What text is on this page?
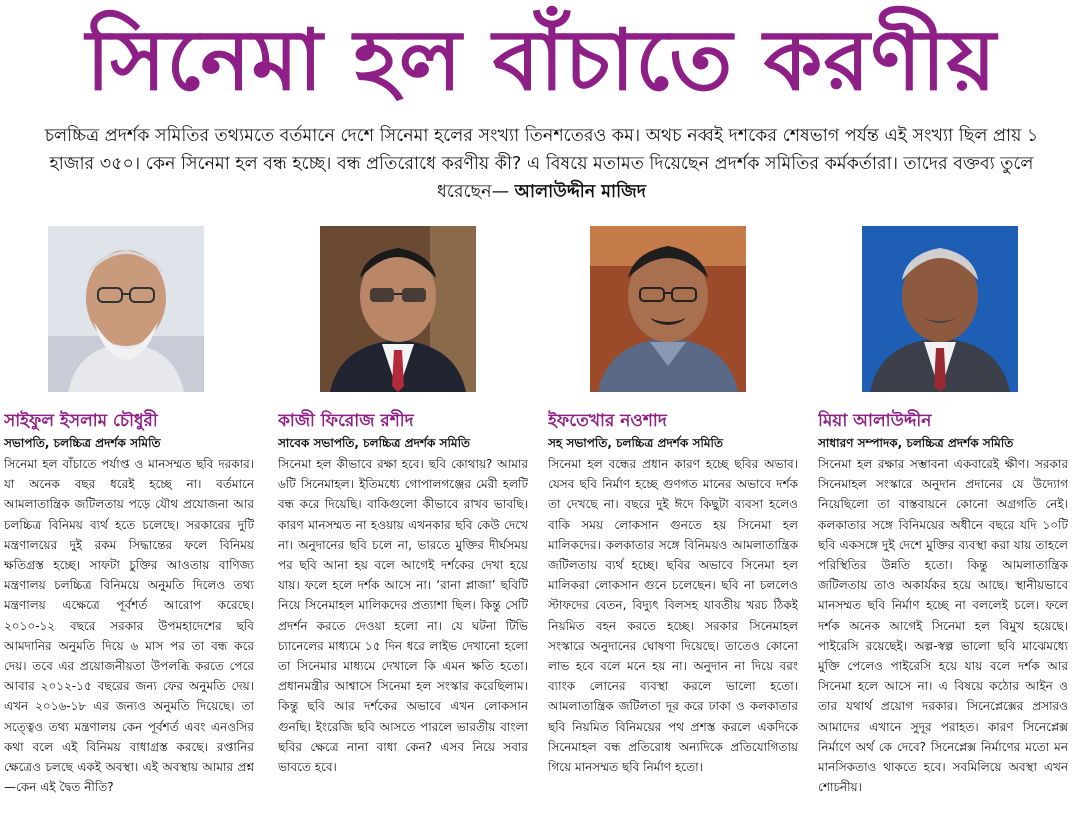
সিনেমা হল বাঁচাতে করণীয়
চলচ্চিত্র প্রদর্শক সমিতির তথ্যমতে বর্তমানে দেশে সিনেমা হলের সংখ্যা তিনশতেরও কম। অথচ নব্বই দশকের শেষভাগ পর্যন্ত এই সংখ্যা ছিল প্রায় ১ হাজার ৩৫০। কেন সিনেমা হল বন্ধ হচ্ছে। বন্ধ প্রতিরোধে করণীয় কী? এ বিষয়ে মতামত দিয়েছেন প্রদর্শক সমিতির কর্মকর্তারা। তাদের বক্তব্য তুলে ধরেছেন— আলাউদ্দীন মাজিদ
সাইফুল ইসলাম চৌধুরী
সভাপতি, চলচ্চিত্র প্রদর্শক সমিতি
সিনেমা হল বাঁচাতে পর্যাপ্ত ও মানসম্মত ছবি দরকার। যা অনেক বছর ধরেই হচ্ছে না। বর্তমানে আমলাতান্ত্রিক জটিলতায় পড়ে যৌথ প্রযোজনা আর চলচ্চিত্র বিনিময় ব্যর্থ হতে চলেছে। সরকারের দুটি মন্ত্রণালয়ের দুই রকম সিদ্ধান্তের ফলে বিনিময় ক্ষতিগ্রস্ত হচ্ছে। সাফটা চুক্তির আওতায় বাণিজ্য মন্ত্রণালয় চলচ্চিত্র বিনিময়ে অনুমতি দিলেও তথ্য মন্ত্রণালয় এক্ষেত্রে পূর্বশর্ত আরোপ করেছে। ২০১০-১২ বছরে সরকার উপমহাদেশের ছবি আমদানির অনুমতি দিয়ে ৬ মাস পর তা বন্ধ করে দেয়। তবে এর প্রয়োজনীয়তা উপলব্ধি করতে পেরে আবার ২০১২-১৫ বছরের জন্য ফের অনুমতি দেয়। এখন ২০১৬-১৮ এর জন্যও অনুমতি দিয়েছে। তা সত্ত্বেও তথ্য মন্ত্রণালয় কেন পূর্বশর্ত এবং এনওসির কথা বলে এই বিনিময় বাধাগ্রস্ত করছে। রপ্তানির ক্ষেত্রেও চলছে একই অবস্থা। এই অবস্থায় আমার প্রশ্ন—কেন এই দ্বৈত নীতি?
কাজী ফিরোজ রশীদ
সাবেক সভাপতি, চলচ্চিত্র প্রদর্শক সমিতি
সিনেমা হল কীভাবে রক্ষা হবে। ছবি কোথায়? আমার ৬টি সিনেমাহল। ইতিমধ্যে গোপালগঞ্জের মেরী হলটি বন্ধ করে দিয়েছি। বাকিগুলো কীভাবে রাখব ভাবছি। কারণ মানসম্মত না হওয়ায় এখনকার ছবি কেউ দেখে না। অনুদানের ছবি চলে না, ভারতে মুক্তির দীর্ঘসময় পর ছবি আনা হয় বলে আগেই দর্শকের দেখা হয়ে যায়। ফলে হলে দর্শক আসে না। ‘রানা প্লাজা’ ছবিটি নিয়ে সিনেমাহল মালিকদের প্রত্যাশা ছিল। কিন্তু সেটি প্রদর্শন করতে দেওয়া হলো না। যে ঘটনা টিভি চ্যানেলের মাধ্যমে ১৫ দিন ধরে লাইভ দেখানো হলো তা সিনেমার মাধ্যমে দেখালে কি এমন ক্ষতি হতো। প্রধানমন্ত্রীর আশ্বাসে সিনেমা হল সংস্কার করেছিলাম। কিন্তু ছবি আর দর্শকের অভাবে এখন লোকসান গুনছি। ইংরেজি ছবি আসতে পারলে ভারতীয় বাংলা ছবির ক্ষেত্রে নানা বাধা কেন? এসব নিয়ে সবার ভাবতে হবে।
ইফতেখার নওশাদ
সহ সভাপতি, চলচ্চিত্র প্রদর্শক সমিতি
সিনেমা হল বন্ধের প্রধান কারণ হচ্ছে ছবির অভাব। যেসব ছবি নির্মাণ হচ্ছে গুণগত মানের অভাবে দর্শক তা দেখছে না। বছরে দুই ঈদে কিছুটা ব্যবসা হলেও বাকি সময় লোকসান গুনতে হয় সিনেমা হল মালিকদের। কলকাতার সঙ্গে বিনিময়ও আমলাতান্ত্রিক জটিলতায় ব্যর্থ হচ্ছে। ছবির অভাবে সিনেমা হল মালিকরা লোকসান গুনে চলেছেন। ছবি না চললেও স্টাফদের বেতন, বিদ্যুৎ বিলসহ যাবতীয় খরচ ঠিকই নিয়মিত বহন করতে হচ্ছে। সরকার সিনেমাহল সংস্কারে অনুদানের ঘোষণা দিয়েছে। তাতেও কোনো লাভ হবে বলে মনে হয় না। অনুদান না দিয়ে বরং ব্যাংক লোনের ব্যবস্থা করলে ভালো হতো। আমলাতান্ত্রিক জটিলতা দূর করে ঢাকা ও কলকাতার ছবি নিয়মিত বিনিময়ের পথ প্রশস্ত করলে একদিকে সিনেমাহল বন্ধ প্রতিরোধ অন্যদিকে প্রতিযোগিতায় গিয়ে মানসম্মত ছবি নির্মাণ হতো।
মিয়া আলাউদ্দীন
সাধারণ সম্পাদক, চলচ্চিত্র প্রদর্শক সমিতি
সিনেমা হল রক্ষার সম্ভাবনা একবারেই ক্ষীণ। সরকার সিনেমাহল সংস্কারে অনুদান প্রদানের যে উদ্যোগ নিয়েছিলো তা বাস্তবায়নে কোনো অগ্রগতি নেই। কলকাতার সঙ্গে বিনিময়ের অধীনে বছরে যদি ১০টি ছবি একসঙ্গে দুই দেশে মুক্তির ব্যবস্থা করা যায় তাহলে পরিস্থিতির উন্নতি হতো। কিন্তু আমলাতান্ত্রিক জটিলতায় তাও অকার্যকর হয়ে আছে। স্থানীয়ভাবে মানসম্মত ছবি নির্মাণ হচ্ছে না বললেই চলে। ফলে দর্শক অনেক আগেই সিনেমা হল বিমুখ হয়েছে। পাইরেসি রয়েছেই। অল্প-স্বল্প ভালো ছবি মাঝেমধ্যে মুক্তি পেলেও পাইরেসি হয়ে যায় বলে দর্শক আর সিনেমা হলে আসে না। এ বিষয়ে কঠোর আইন ও তার যথার্থ প্রয়োগ দরকার। সিনেপ্লেক্সের প্রসারও আমাদের এখানে সুদূর পরাহত। কারণ সিনেপ্লেক্স নির্মাণে অর্থ কে দেবে? সিনেপ্লেক্স নির্মাণের মতো মন মানসিকতাও থাকতে হবে। সবমিলিয়ে অবস্থা এখন শোচনীয়।
